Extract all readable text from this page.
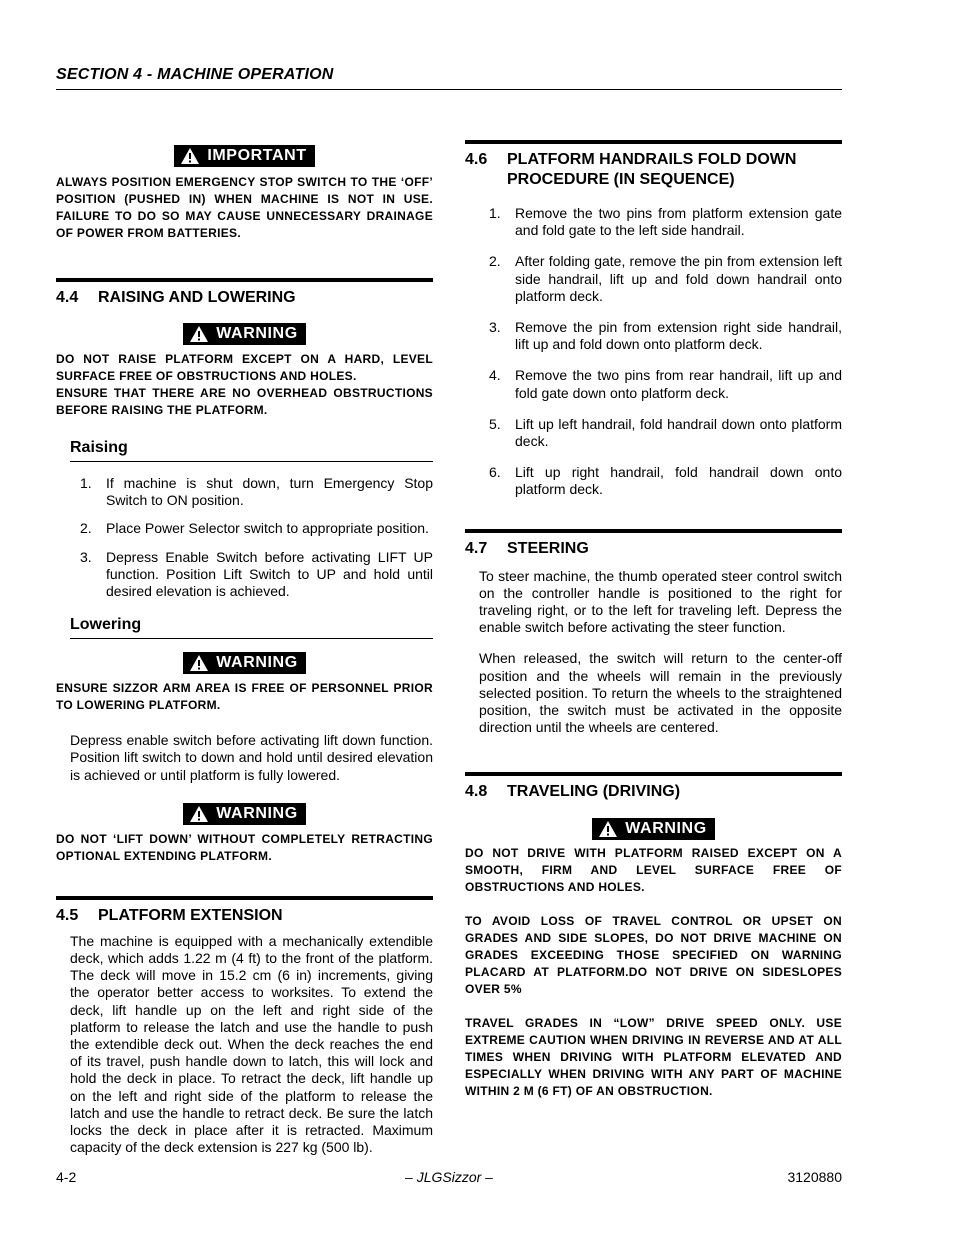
SECTION 4 - MACHINE OPERATION
IMPORTANT
ALWAYS POSITION EMERGENCY STOP SWITCH TO THE ‘OFF’ POSITION (PUSHED IN) WHEN MACHINE IS NOT IN USE. FAILURE TO DO SO MAY CAUSE UNNECESSARY DRAINAGE OF POWER FROM BATTERIES.
4.4	RAISING AND LOWERING
WARNING

DO NOT RAISE PLATFORM EXCEPT ON A HARD, LEVEL SURFACE FREE OF OBSTRUCTIONS AND HOLES.

ENSURE THAT THERE ARE NO OVERHEAD OBSTRUCTIONS BEFORE RAISING THE PLATFORM.

Raising
1.	If machine is shut down, turn Emergency Stop Switch to ON position.
2.	Place Power Selector switch to appropriate position.
3.	Depress Enable Switch before activating LIFT UP function. Position Lift Switch to UP and hold until desired elevation is achieved.
Lowering
WARNING
ENSURE SIZZOR ARM AREA IS FREE OF PERSONNEL PRIOR TO LOWERING PLATFORM.
Depress enable switch before activating lift down function. Position lift switch to down and hold until desired elevation is achieved or until platform is fully lowered.
WARNING
DO NOT ‘LIFT DOWN’ WITHOUT COMPLETELY RETRACTING OPTIONAL EXTENDING PLATFORM.
4.5	PLATFORM EXTENSION
The machine is equipped with a mechanically extendible deck, which adds 1.22 m (4 ft) to the front of the platform. The deck will move in 15.2 cm (6 in) increments, giving the operator better access to worksites. To extend the deck, lift handle up on the left and right side of the platform to release the latch and use the handle to push the extendible deck out. When the deck reaches the end of its travel, push handle down to latch, this will lock and hold the deck in place. To retract the deck, lift handle up on the left and right side of the platform to release the latch and use the handle to retract deck. Be sure the latch locks the deck in place after it is retracted. Maximum capacity of the deck extension is 227 kg (500 lb).
4.6	PLATFORM HANDRAILS FOLD DOWN PROCEDURE (IN SEQUENCE)
1.	Remove the two pins from platform extension gate and fold gate to the left side handrail.
2.	After folding gate, remove the pin from extension left side handrail, lift up and fold down handrail onto platform deck.
3.	Remove the pin from extension right side handrail, lift up and fold down onto platform deck.
4.	Remove the two pins from rear handrail, lift up and fold gate down onto platform deck.
5.	Lift up left handrail, fold handrail down onto platform deck.
6.	Lift up right handrail, fold handrail down onto platform deck.
4.7	STEERING
To steer machine, the thumb operated steer control switch on the controller handle is positioned to the right for traveling right, or to the left for traveling left. Depress the enable switch before activating the steer function.
When released, the switch will return to the center-off position and the wheels will remain in the previously selected position. To return the wheels to the straightened position, the switch must be activated in the opposite direction until the wheels are centered.
4.8	TRAVELING (DRIVING)
WARNING

DO NOT DRIVE WITH PLATFORM RAISED EXCEPT ON A SMOOTH, FIRM AND LEVEL SURFACE FREE OF OBSTRUCTIONS AND HOLES.

TO AVOID LOSS OF TRAVEL CONTROL OR UPSET ON GRADES AND SIDE SLOPES, DO NOT DRIVE MACHINE ON GRADES EXCEEDING THOSE SPECIFIED ON WARNING PLACARD AT PLATFORM.DO NOT DRIVE ON SIDESLOPES OVER 5%

TRAVEL GRADES IN “LOW” DRIVE SPEED ONLY. USE EXTREME CAUTION WHEN DRIVING IN REVERSE AND AT ALL TIMES WHEN DRIVING WITH PLATFORM ELEVATED AND ESPECIALLY WHEN DRIVING WITH ANY PART OF MACHINE WITHIN 2 M (6 FT) OF AN OBSTRUCTION.

4-2	– JLGSizzor –	3120880
